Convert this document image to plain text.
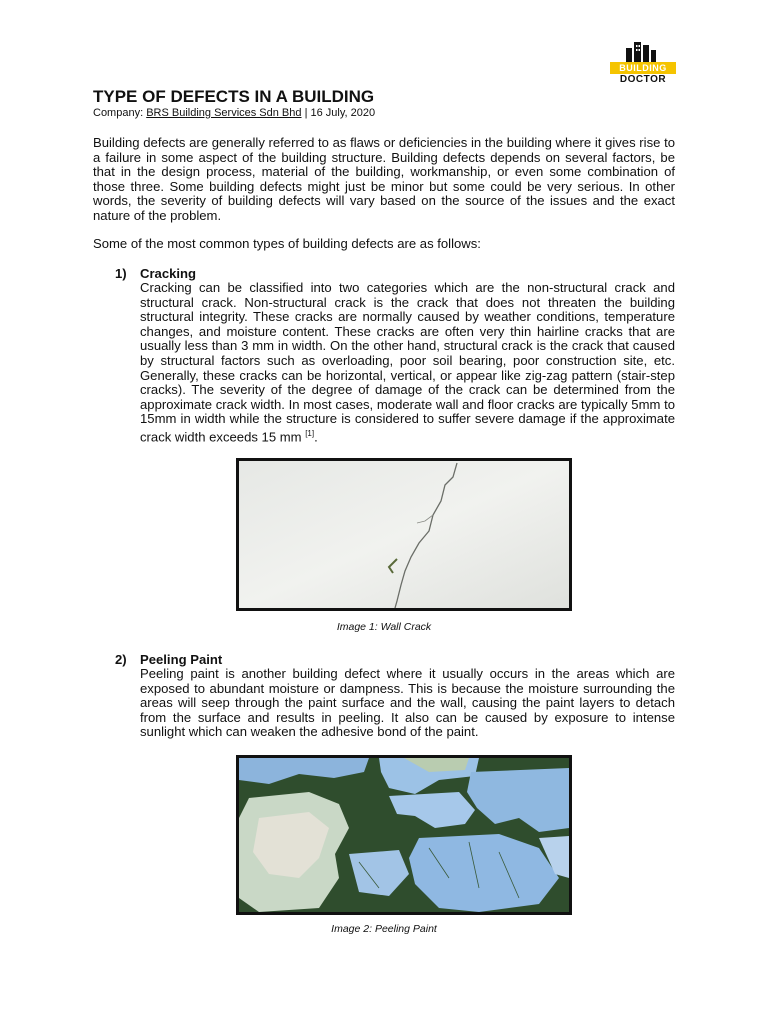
BUILDING
DOCTOR
TYPE OF DEFECTS IN A BUILDING
Company: BRS Building Services Sdn Bhd | 16 July, 2020

Building defects are generally referred to as flaws or deficiencies in the building where it gives rise to a failure in some aspect of the building structure. Building defects depends on several factors, be that in the design process, material of the building, workmanship, or even some combination of those three. Some building defects might just be minor but some could be very serious. In other words, the severity of building defects will vary based on the source of the issues and the exact nature of the problem.

Some of the most common types of building defects are as follows:

1) Cracking

Cracking can be classified into two categories which are the non-structural crack and structural crack. Non-structural crack is the crack that does not threaten the building structural integrity. These cracks are normally caused by weather conditions, temperature changes, and moisture content. These cracks are often very thin hairline cracks that are usually less than 3 mm in width. On the other hand, structural crack is the crack that caused by structural factors such as overloading, poor soil bearing, poor construction site, etc. Generally, these cracks can be horizontal, vertical, or appear like zig-zag pattern (stair-step cracks). The severity of the degree of damage of the crack can be determined from the approximate crack width. In most cases, moderate wall and floor cracks are typically 5mm to 15mm in width while the structure is considered to suffer severe damage if the approximate crack width exceeds 15 mm [1].

Image 1: Wall Crack
2) Peeling Paint

Peeling paint is another building defect where it usually occurs in the areas which are exposed to abundant moisture or dampness. This is because the moisture surrounding the areas will seep through the paint surface and the wall, causing the paint layers to detach from the surface and results in peeling. It also can be caused by exposure to intense sunlight which can weaken the adhesive bond of the paint.

Image 2: Peeling Paint
